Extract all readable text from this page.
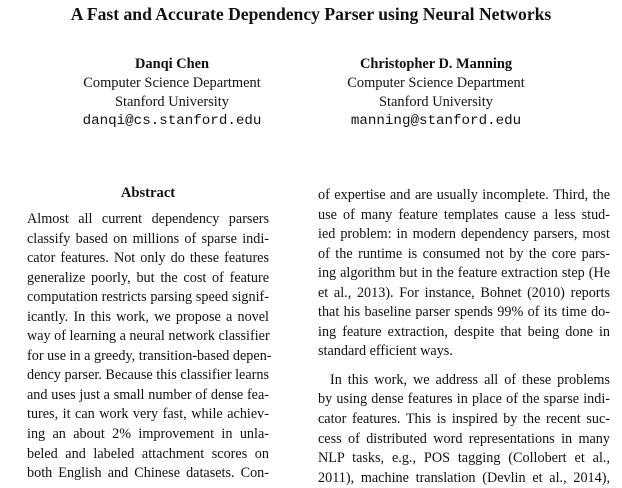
A Fast and Accurate Dependency Parser using Neural Networks
Danqi Chen
Computer Science Department
Stanford University
danqi@cs.stanford.edu
Christopher D. Manning
Computer Science Department
Stanford University
manning@stanford.edu
Abstract
Almost all current dependency parsers
classify based on millions of sparse indi-
cator features. Not only do these features
generalize poorly, but the cost of feature
computation restricts parsing speed signif-
icantly. In this work, we propose a novel
way of learning a neural network classifier
for use in a greedy, transition-based depen-
dency parser. Because this classifier learns
and uses just a small number of dense fea-
tures, it can work very fast, while achiev-
ing an about 2% improvement in unla-
beled and labeled attachment scores on
both English and Chinese datasets. Con-
of expertise and are usually incomplete. Third, the
use of many feature templates cause a less stud-
ied problem: in modern dependency parsers, most
of the runtime is consumed not by the core pars-
ing algorithm but in the feature extraction step (He
et al., 2013). For instance, Bohnet (2010) reports
that his baseline parser spends 99% of its time do-
ing feature extraction, despite that being done in
standard efficient ways.
In this work, we address all of these problems
by using dense features in place of the sparse indi-
cator features. This is inspired by the recent suc-
cess of distributed word representations in many
NLP tasks, e.g., POS tagging (Collobert et al.,
2011), machine translation (Devlin et al., 2014),
